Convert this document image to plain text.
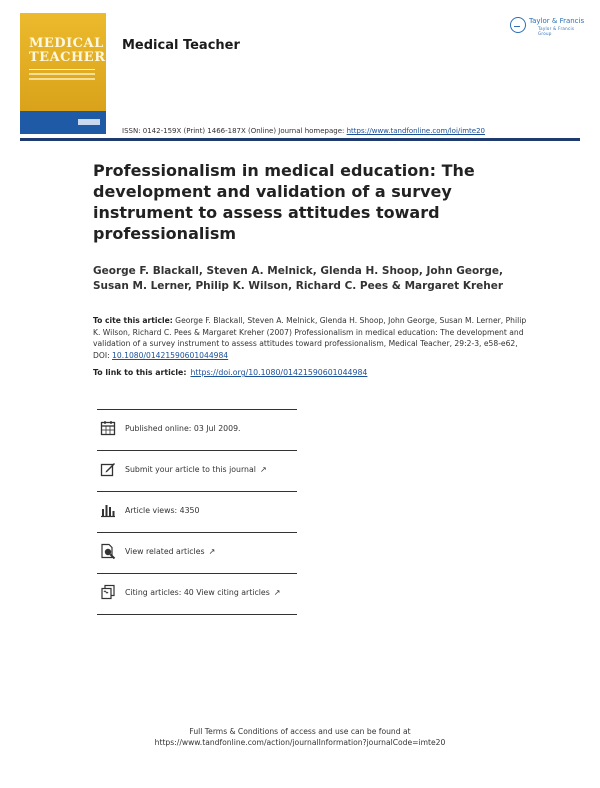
MEDICAL
TEACHER
Medical Teacher
Taylor & Francis
Taylor & Francis Group
ISSN: 0142-159X (Print) 1466-187X (Online) Journal homepage: https://www.tandfonline.com/loi/imte20
Professionalism in medical education: The development and validation of a survey instrument to assess attitudes toward professionalism

George F. Blackall, Steven A. Melnick, Glenda H. Shoop, John George, Susan M. Lerner, Philip K. Wilson, Richard C. Pees & Margaret Kreher

To cite this article: George F. Blackall, Steven A. Melnick, Glenda H. Shoop, John George, Susan M. Lerner, Philip K. Wilson, Richard C. Pees & Margaret Kreher (2007) Professionalism in medical education: The development and validation of a survey instrument to assess attitudes toward professionalism, Medical Teacher, 29:2-3, e58-e62, DOI: 10.1080/01421590601044984
To link to this article: https://doi.org/10.1080/01421590601044984
Published online: 03 Jul 2009.
Submit your article to this journal ↗︎
Article views: 4350
View related articles ↗︎
Citing articles: 40 View citing articles ↗︎
Full Terms & Conditions of access and use can be found at
https://www.tandfonline.com/action/journalInformation?journalCode=imte20
